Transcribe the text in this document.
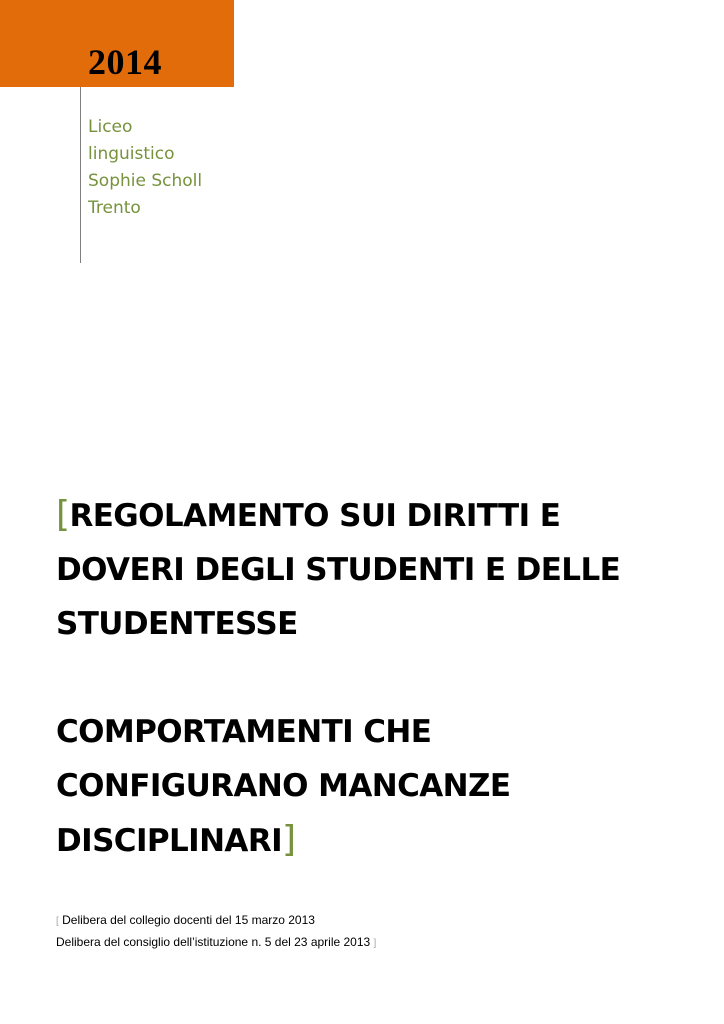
2014
Liceo
linguistico
Sophie Scholl
Trento
[REGOLAMENTO SUI DIRITTI E
DOVERI DEGLI STUDENTI E DELLE
STUDENTESSE
COMPORTAMENTI CHE
CONFIGURANO MANCANZE
DISCIPLINARI]
[ Delibera del collegio docenti del 15 marzo 2013
Delibera del consiglio dell’istituzione n. 5 del 23 aprile 2013 ]
